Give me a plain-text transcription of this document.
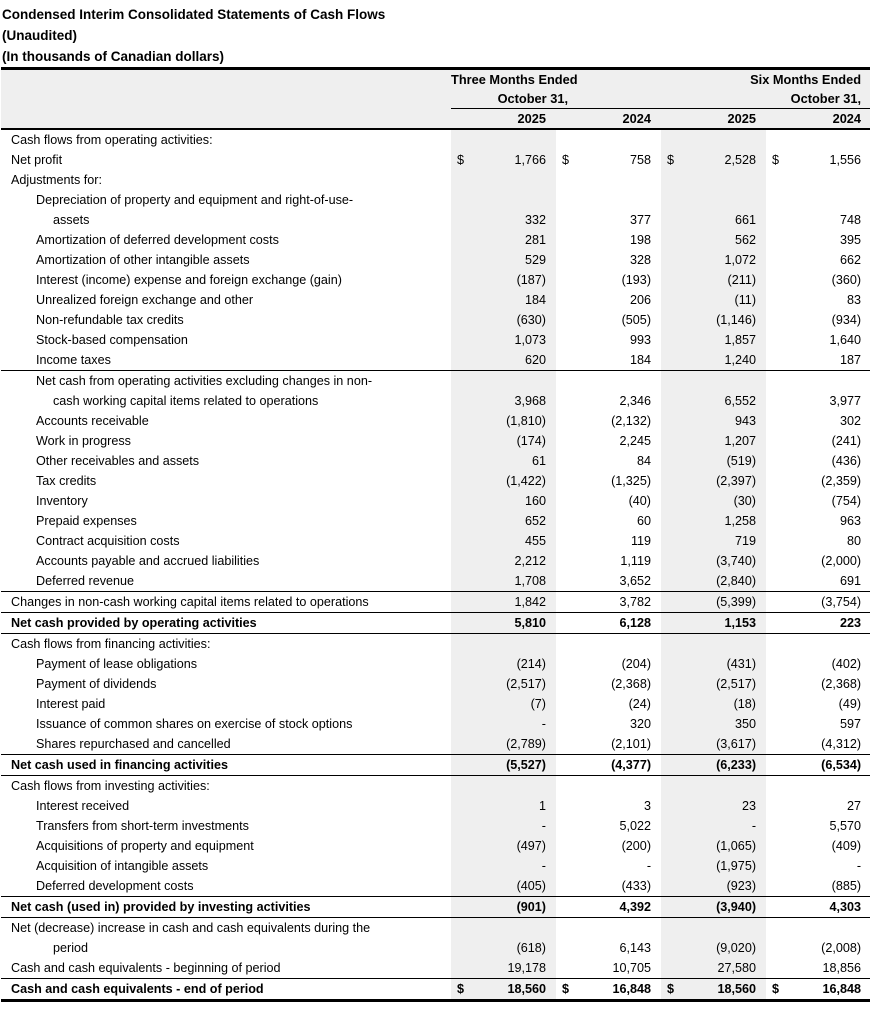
Condensed Interim Consolidated Statements of Cash Flows
(Unaudited)
(In thousands of Canadian dollars)
	Three Months Ended					Six Months Ended		
	October 31,					October 31,		
	2025		2024		2025		2024	
Cash flows from operating activities:								
Net profit	$	1,766	$	758	$	2,528	$	1,556
Adjustments for:								
Depreciation of property and equipment and right-of-use-								
assets		332		377		661		748
Amortization of deferred development costs		281		198		562		395
Amortization of other intangible assets		529		328		1,072		662
Interest (income) expense and foreign exchange (gain)		(187)		(193)		(211)		(360)
Unrealized foreign exchange and other		184		206		(11)		83
Non-refundable tax credits		(630)		(505)		(1,146)		(934)
Stock-based compensation		1,073		993		1,857		1,640
Income taxes		620		184		1,240		187
Net cash from operating activities excluding changes in non-								
cash working capital items related to operations		3,968		2,346		6,552		3,977
Accounts receivable		(1,810)		(2,132)		943		302
Work in progress		(174)		2,245		1,207		(241)
Other receivables and assets		61		84		(519)		(436)
Tax credits		(1,422)		(1,325)		(2,397)		(2,359)
Inventory		160		(40)		(30)		(754)
Prepaid expenses		652		60		1,258		963
Contract acquisition costs		455		119		719		80
Accounts payable and accrued liabilities		2,212		1,119		(3,740)		(2,000)
Deferred revenue		1,708		3,652		(2,840)		691
Changes in non-cash working capital items related to operations		1,842		3,782		(5,399)		(3,754)
Net cash provided by operating activities		5,810		6,128		1,153		223
Cash flows from financing activities:								
Payment of lease obligations		(214)		(204)		(431)		(402)
Payment of dividends		(2,517)		(2,368)		(2,517)		(2,368)
Interest paid		(7)		(24)		(18)		(49)
Issuance of common shares on exercise of stock options		-		320		350		597
Shares repurchased and cancelled		(2,789)		(2,101)		(3,617)		(4,312)
Net cash used in financing activities		(5,527)		(4,377)		(6,233)		(6,534)
Cash flows from investing activities:								
Interest received		1		3		23		27
Transfers from short-term investments		-		5,022		-		5,570
Acquisitions of property and equipment		(497)		(200)		(1,065)		(409)
Acquisition of intangible assets		-		-		(1,975)		-
Deferred development costs		(405)		(433)		(923)		(885)
Net cash (used in) provided by investing activities		(901)		4,392		(3,940)		4,303
Net (decrease) increase in cash and cash equivalents during the								
period		(618)		6,143		(9,020)		(2,008)
Cash and cash equivalents - beginning of period		19,178		10,705		27,580		18,856
Cash and cash equivalents - end of period	$	18,560	$	16,848	$	18,560	$	16,848
